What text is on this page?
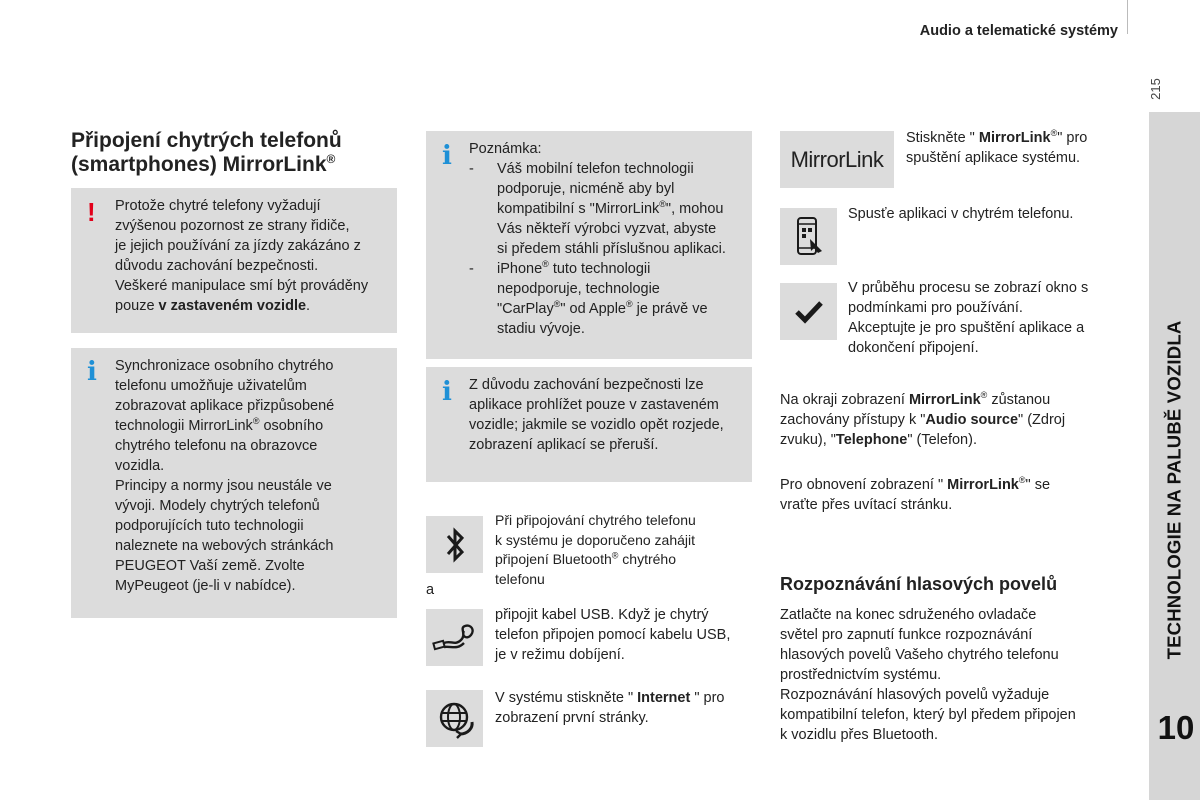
Audio a telematické systémy
215
TECHNOLOGIE NA PALUBĚ VOZIDLA
10
Připojení chytrých telefonů
(smartphones) MirrorLink®
! Protože chytré telefony vyžadují
zvýšenou pozornost ze strany řidiče,
je jejich používání za jízdy zakázáno z
důvodu zachování bezpečnosti.
Veškeré manipulace smí být prováděny
pouze v zastaveném vozidle.
i Synchronizace osobního chytrého
telefonu umožňuje uživatelům
zobrazovat aplikace přizpůsobené
technologii MirrorLink® osobního
chytrého telefonu na obrazovce
vozidla.
Principy a normy jsou neustále ve
vývoji. Modely chytrých telefonů
podporujících tuto technologii
naleznete na webových stránkách
PEUGEOT Vaší země. Zvolte
MyPeugeot (je-li v nabídce).
i Poznámka:
-	Váš mobilní telefon technologii
podporuje, nicméně aby byl
kompatibilní s "MirrorLink®", mohou
Vás někteří výrobci vyzvat, abyste
si předem stáhli příslušnou aplikaci.
-	iPhone® tuto technologii
nepodporuje, technologie
"CarPlay®" od Apple® je právě ve
stadiu vývoje.
i Z důvodu zachování bezpečnosti lze
aplikace prohlížet pouze v zastaveném
vozidle; jakmile se vozidlo opět rozjede,
zobrazení aplikací se přeruší.
Při připojování chytrého telefonu
k systému je doporučeno zahájit
připojení Bluetooth® chytrého
telefonu
a
připojit kabel USB. Když je chytrý
telefon připojen pomocí kabelu USB,
je v režimu dobíjení.
V systému stiskněte " Internet " pro
zobrazení první stránky.
MirrorLink
Stiskněte " MirrorLink®" pro
spuštění aplikace systému.
Spusťe aplikaci v chytrém telefonu.
V průběhu procesu se zobrazí okno s
podmínkami pro používání.
Akceptujte je pro spuštění aplikace a
dokončení připojení.
Na okraji zobrazení MirrorLink® zůstanou
zachovány přístupy k "Audio source" (Zdroj
zvuku), "Telephone" (Telefon).
Pro obnovení zobrazení " MirrorLink®" se
vraťte přes uvítací stránku.
Rozpoznávání hlasových povelů
Zatlačte na konec sdruženého ovladače
světel pro zapnutí funkce rozpoznávání
hlasových povelů Vašeho chytrého telefonu
prostřednictvím systému.
Rozpoznávání hlasových povelů vyžaduje
kompatibilní telefon, který byl předem připojen
k vozidlu přes Bluetooth.
